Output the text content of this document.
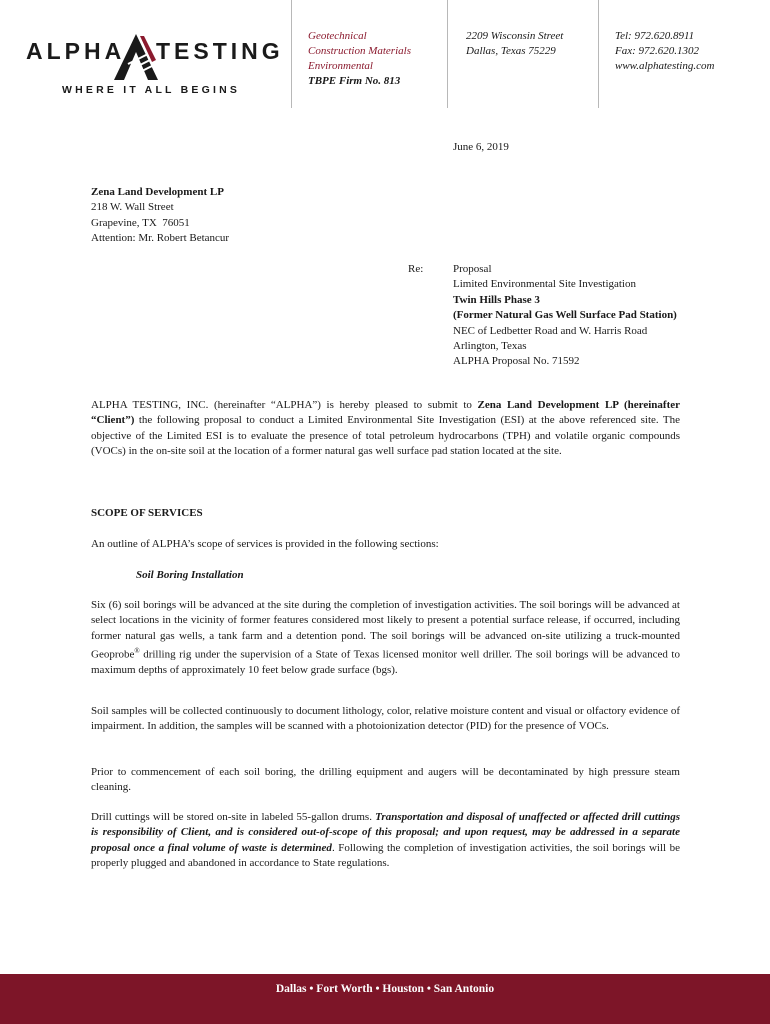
ALPHA TESTING
WHERE IT ALL BEGINS
Geotechnical
Construction Materials
Environmental
TBPE Firm No. 813
2209 Wisconsin Street
Dallas, Texas 75229
Tel: 972.620.8911
Fax: 972.620.1302
www.alphatesting.com
June 6, 2019
Zena Land Development LP
218 W. Wall Street
Grapevine, TX  76051
Attention: Mr. Robert Betancur
Re:	Proposal
Limited Environmental Site Investigation
Twin Hills Phase 3
(Former Natural Gas Well Surface Pad Station)
NEC of Ledbetter Road and W. Harris Road
Arlington, Texas
ALPHA Proposal No. 71592
ALPHA TESTING, INC. (hereinafter “ALPHA”) is hereby pleased to submit to Zena Land Development LP (hereinafter “Client”) the following proposal to conduct a Limited Environmental Site Investigation (ESI) at the above referenced site. The objective of the Limited ESI is to evaluate the presence of total petroleum hydrocarbons (TPH) and volatile organic compounds (VOCs) in the on-site soil at the location of a former natural gas well surface pad station located at the site.
SCOPE OF SERVICES
An outline of ALPHA’s scope of services is provided in the following sections:
Soil Boring Installation
Six (6) soil borings will be advanced at the site during the completion of investigation activities. The soil borings will be advanced at select locations in the vicinity of former features considered most likely to present a potential surface release, if occurred, including former natural gas wells, a tank farm and a detention pond. The soil borings will be advanced on-site utilizing a truck-mounted Geoprobe® drilling rig under the supervision of a State of Texas licensed monitor well driller. The soil borings will be advanced to maximum depths of approximately 10 feet below grade surface (bgs).
Soil samples will be collected continuously to document lithology, color, relative moisture content and visual or olfactory evidence of impairment. In addition, the samples will be scanned with a photoionization detector (PID) for the presence of VOCs.
Prior to commencement of each soil boring, the drilling equipment and augers will be decontaminated by high pressure steam cleaning.
Drill cuttings will be stored on-site in labeled 55-gallon drums. Transportation and disposal of unaffected or affected drill cuttings is responsibility of Client, and is considered out-of-scope of this proposal; and upon request, may be addressed in a separate proposal once a final volume of waste is determined. Following the completion of investigation activities, the soil borings will be properly plugged and abandoned in accordance to State regulations.
Dallas • Fort Worth • Houston • San Antonio
